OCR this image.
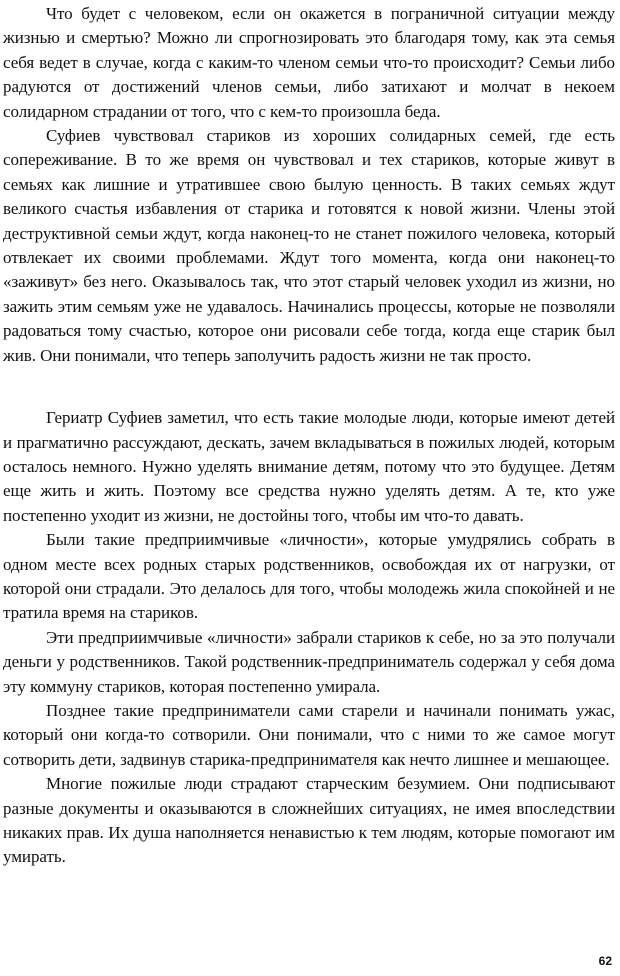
Что будет с человеком, если он окажется в пограничной ситуации между жизнью и смертью? Можно ли спрогнозировать это благодаря тому, как эта семья себя ведет в случае, когда с каким-то членом семьи что-то происходит? Семьи либо радуются от достижений членов семьи, либо затихают и молчат в некоем солидарном страдании от того, что с кем-то произошла беда.

Суфиев чувствовал стариков из хороших солидарных семей, где есть сопереживание. В то же время он чувствовал и тех стариков, которые живут в семьях как лишние и утратившее свою былую ценность. В таких семьях ждут великого счастья избавления от старика и готовятся к новой жизни. Члены этой деструктивной семьи ждут, когда наконец-то не станет пожилого человека, который отвлекает их своими проблемами. Ждут того момента, когда они наконец-то «заживут» без него. Оказывалось так, что этот старый человек уходил из жизни, но зажить этим семьям уже не удавалось. Начинались процессы, которые не позволяли радоваться тому счастью, которое они рисовали себе тогда, когда еще старик был жив. Они понимали, что теперь заполучить радость жизни не так просто.

Гериатр Суфиев заметил, что есть такие молодые люди, которые имеют детей и прагматично рассуждают, дескать, зачем вкладываться в пожилых людей, которым осталось немного. Нужно уделять внимание детям, потому что это будущее. Детям еще жить и жить. Поэтому все средства нужно уделять детям. А те, кто уже постепенно уходит из жизни, не достойны того, чтобы им что-то давать.

Были такие предприимчивые «личности», которые умудрялись собрать в одном месте всех родных старых родственников, освобождая их от нагрузки, от которой они страдали. Это делалось для того, чтобы молодежь жила спокойней и не тратила время на стариков.

Эти предприимчивые «личности» забрали стариков к себе, но за это получали деньги у родственников. Такой родственник-предприниматель содержал у себя дома эту коммуну стариков, которая постепенно умирала.

Позднее такие предприниматели сами старели и начинали понимать ужас, который они когда-то сотворили. Они понимали, что с ними то же самое могут сотворить дети, задвинув старика-предпринимателя как нечто лишнее и мешающее.

Многие пожилые люди страдают старческим безумием. Они подписывают разные документы и оказываются в сложнейших ситуациях, не имея впоследствии никаких прав. Их душа наполняется ненавистью к тем людям, которые помогают им умирать.

62
